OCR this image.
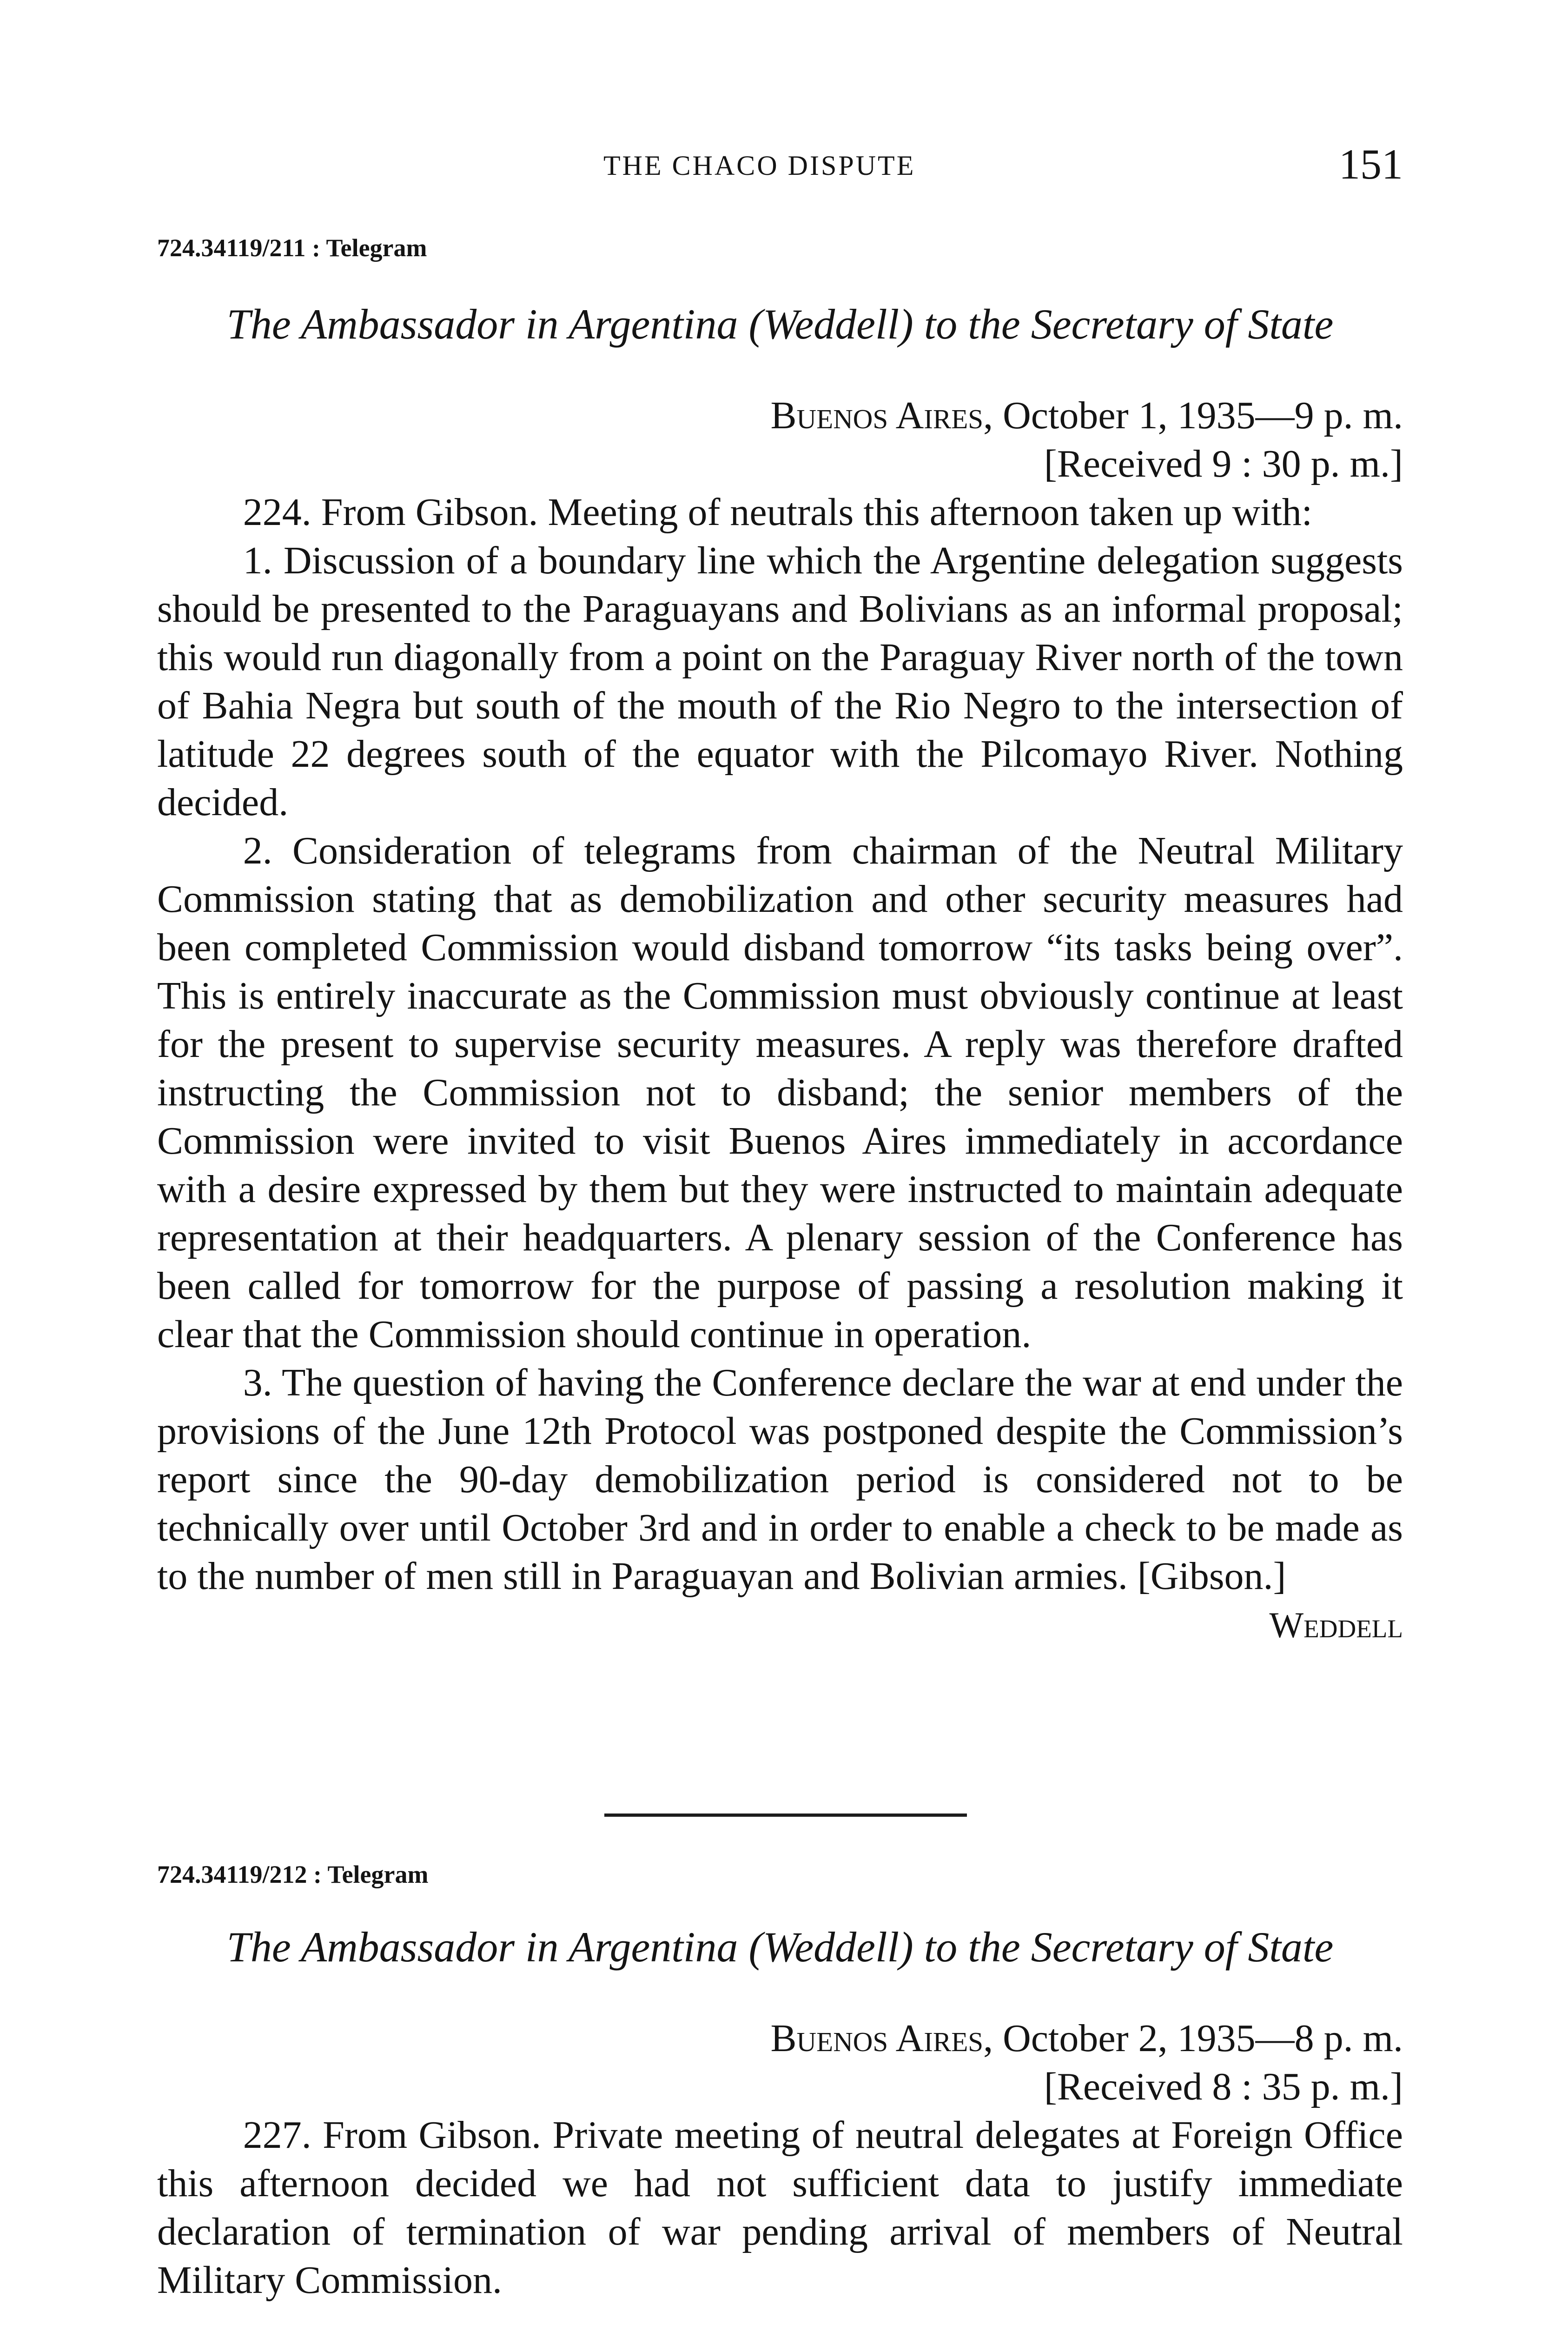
THE CHACO DISPUTE	151

724.34119/211 : Telegram

The Ambassador in Argentina (Weddell) to the Secretary of State

Buenos Aires, October 1, 1935—9 p. m.

[Received 9 : 30 p. m.]

224. From Gibson. Meeting of neutrals this afternoon taken up with:

1. Discussion of a boundary line which the Argentine delegation suggests should be presented to the Paraguayans and Bolivians as an informal proposal; this would run diagonally from a point on the Paraguay River north of the town of Bahia Negra but south of the mouth of the Rio Negro to the intersection of latitude 22 degrees south of the equator with the Pilcomayo River. Nothing decided.

2. Consideration of telegrams from chairman of the Neutral Military Commission stating that as demobilization and other security measures had been completed Commission would disband tomorrow “its tasks being over”. This is entirely inaccurate as the Commission must obviously continue at least for the present to supervise security measures. A reply was therefore drafted instructing the Commission not to disband; the senior members of the Commission were invited to visit Buenos Aires immediately in accordance with a desire expressed by them but they were instructed to maintain adequate representation at their headquarters. A plenary session of the Conference has been called for tomorrow for the purpose of passing a resolution making it clear that the Commission should continue in operation.

3. The question of having the Conference declare the war at end under the provisions of the June 12th Protocol was postponed despite the Commission’s report since the 90-day demobilization period is considered not to be technically over until October 3rd and in order to enable a check to be made as to the number of men still in Paraguayan and Bolivian armies. [Gibson.]

Weddell

724.34119/212 : Telegram

The Ambassador in Argentina (Weddell) to the Secretary of State

Buenos Aires, October 2, 1935—8 p. m.

[Received 8 : 35 p. m.]

227. From Gibson. Private meeting of neutral delegates at Foreign Office this afternoon decided we had not sufficient data to justify immediate declaration of termination of war pending arrival of members of Neutral Military Commission.
